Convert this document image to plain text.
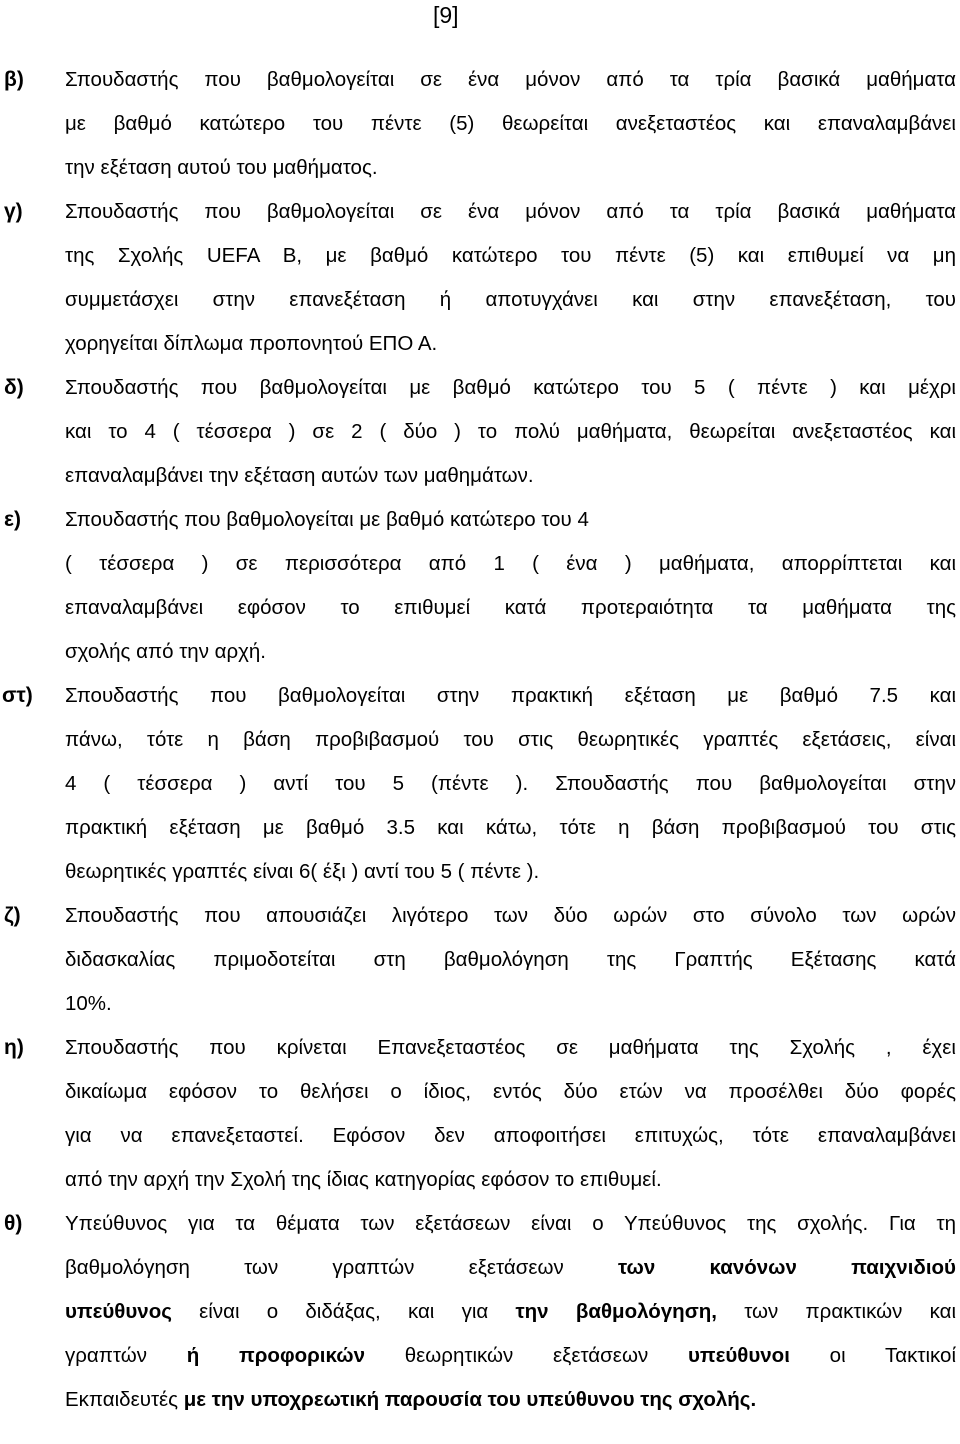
[9]
β) Σπουδαστής που βαθμολογείται σε ένα μόνον από τα τρία βασικά μαθήματα
με βαθμό κατώτερο του πέντε (5) θεωρείται ανεξεταστέος και επαναλαμβάνει
την εξέταση αυτού του μαθήματος.
γ) Σπουδαστής που βαθμολογείται σε ένα μόνον από τα τρία βασικά μαθήματα
της Σχολής UEFA B, με βαθμό κατώτερο του πέντε (5) και επιθυμεί να μη
συμμετάσχει στην επανεξέταση ή αποτυγχάνει και στην επανεξέταση, του
χορηγείται δίπλωμα προπονητού ΕΠΟ Α.
δ) Σπουδαστής που βαθμολογείται με βαθμό κατώτερο του 5 ( πέντε ) και μέχρι
και το 4 ( τέσσερα ) σε 2 ( δύο ) το πολύ μαθήματα, θεωρείται ανεξεταστέος και
επαναλαμβάνει την εξέταση αυτών των μαθημάτων.
ε) Σπουδαστής που βαθμολογείται με βαθμό κατώτερο του 4
( τέσσερα ) σε περισσότερα από 1 ( ένα ) μαθήματα, απορρίπτεται και
επαναλαμβάνει εφόσον το επιθυμεί κατά προτεραιότητα τα μαθήματα της
σχολής από την αρχή.
στ) Σπουδαστής που βαθμολογείται στην πρακτική εξέταση με βαθμό 7.5 και
πάνω, τότε η βάση προβιβασμού του στις θεωρητικές γραπτές εξετάσεις, είναι
4 ( τέσσερα ) αντί του 5 (πέντε ). Σπουδαστής που βαθμολογείται στην
πρακτική εξέταση με βαθμό 3.5 και κάτω, τότε η βάση προβιβασμού του στις
θεωρητικές γραπτές είναι 6( έξι ) αντί του 5 ( πέντε ).
ζ) Σπουδαστής που απουσιάζει λιγότερο των δύο ωρών στο σύνολο των ωρών
διδασκαλίας πριμοδοτείται στη βαθμολόγηση της Γραπτής Εξέτασης κατά
10%.
η) Σπουδαστής που κρίνεται Επανεξεταστέος σε μαθήματα της Σχολής , έχει
δικαίωμα εφόσον το θελήσει ο ίδιος, εντός δύο ετών να προσέλθει δύο φορές
για να επανεξεταστεί. Εφόσον δεν αποφοιτήσει επιτυχώς, τότε επαναλαμβάνει
από την αρχή την Σχολή της ίδιας κατηγορίας εφόσον το επιθυμεί.
θ) Υπεύθυνος για τα θέματα των εξετάσεων είναι ο Υπεύθυνος της σχολής. Για τη
βαθμολόγηση των γραπτών εξετάσεων των κανόνων παιχνιδιού
υπεύθυνος είναι ο διδάξας, και για την βαθμολόγηση, των πρακτικών και
γραπτών ή προφορικών θεωρητικών εξετάσεων υπεύθυνοι οι Τακτικοί
Εκπαιδευτές με την υποχρεωτική παρουσία του υπεύθυνου της σχολής.
